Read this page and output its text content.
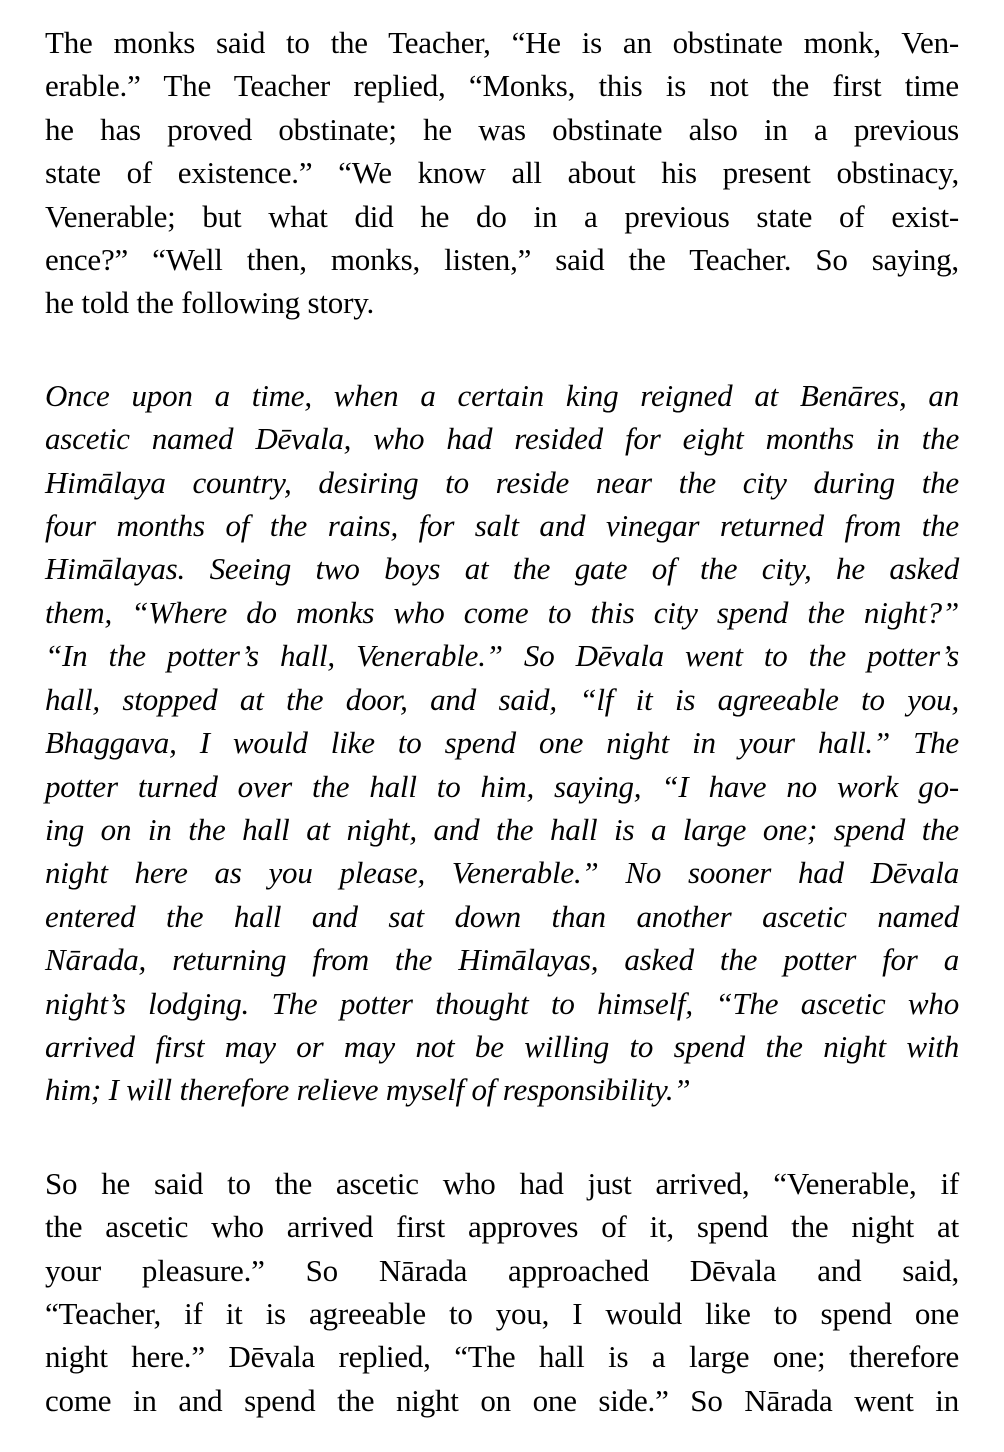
The monks said to the Teacher, “He is an obstinate monk, Ven-
erable.” The Teacher replied, “Monks, this is not the first time
he has proved obstinate; he was obstinate also in a previous
state of existence.” “We know all about his present obstinacy,
Venerable; but what did he do in a previous state of exist-
ence?” “Well then, monks, listen,” said the Teacher. So saying,
he told the following story.
Once upon a time, when a certain king reigned at Benāres, an
ascetic named Dēvala, who had resided for eight months in the
Himālaya country, desiring to reside near the city during the
four months of the rains, for salt and vinegar returned from the
Himālayas. Seeing two boys at the gate of the city, he asked
them, “Where do monks who come to this city spend the night?”
“In the potter’s hall, Venerable.” So Dēvala went to the potter’s
hall, stopped at the door, and said, “lf it is agreeable to you,
Bhaggava, I would like to spend one night in your hall.” The
potter turned over the hall to him, saying, “I have no work go-
ing on in the hall at night, and the hall is a large one; spend the
night here as you please, Venerable.” No sooner had Dēvala
entered the hall and sat down than another ascetic named
Nārada, returning from the Himālayas, asked the potter for a
night’s lodging. The potter thought to himself, “The ascetic who
arrived first may or may not be willing to spend the night with
him; I will therefore relieve myself of responsibility.”
So he said to the ascetic who had just arrived, “Venerable, if
the ascetic who arrived first approves of it, spend the night at
your pleasure.” So Nārada approached Dēvala and said,
“Teacher, if it is agreeable to you, I would like to spend one
night here.” Dēvala replied, “The hall is a large one; therefore
come in and spend the night on one side.” So Nārada went in
